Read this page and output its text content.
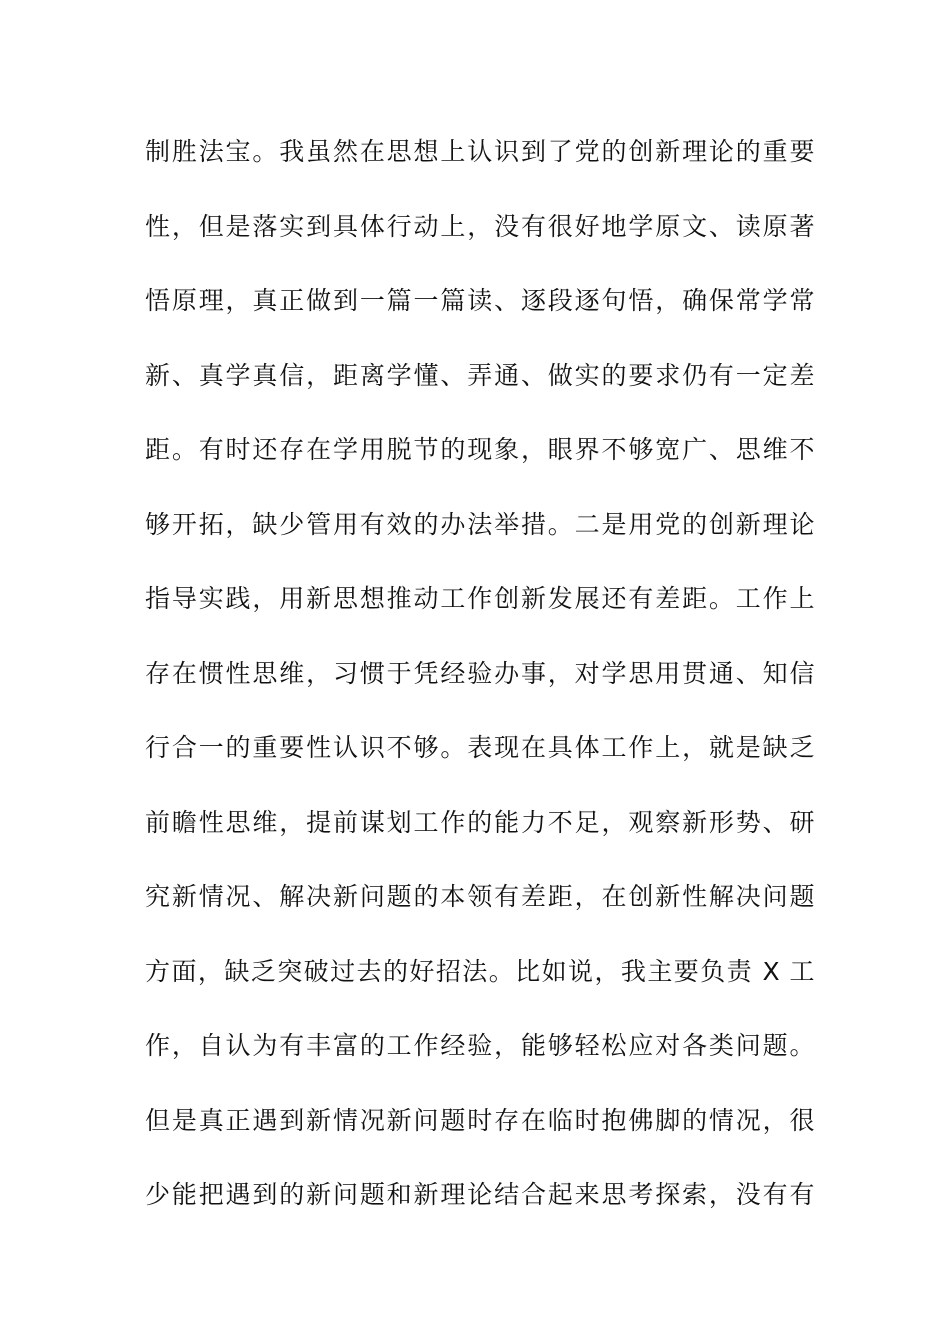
制胜法宝。我虽然在思想上认识到了党的创新理论的重要
性，但是落实到具体行动上，没有很好地学原文、读原著
悟原理，真正做到一篇一篇读、逐段逐句悟，确保常学常
新、真学真信，距离学懂、弄通、做实的要求仍有一定差
距。有时还存在学用脱节的现象，眼界不够宽广、思维不
够开拓，缺少管用有效的办法举措。二是用党的创新理论
指导实践，用新思想推动工作创新发展还有差距。工作上
存在惯性思维，习惯于凭经验办事，对学思用贯通、知信
行合一的重要性认识不够。表现在具体工作上，就是缺乏
前瞻性思维，提前谋划工作的能力不足，观察新形势、研
究新情况、解决新问题的本领有差距，在创新性解决问题
方面，缺乏突破过去的好招法。比如说，我主要负责 X 工
作，自认为有丰富的工作经验，能够轻松应对各类问题。
但是真正遇到新情况新问题时存在临时抱佛脚的情况，很
少能把遇到的新问题和新理论结合起来思考探索，没有有
